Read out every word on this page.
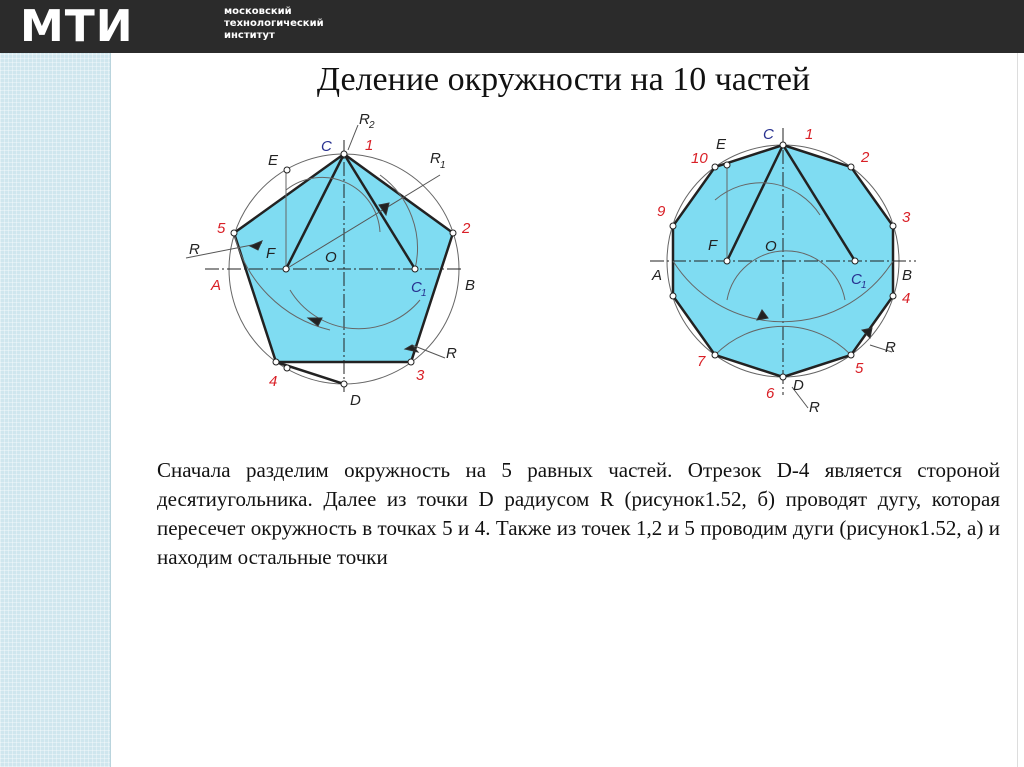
МТИ	московский
технологический
институт
Деление окружности на 10 частей
C
R 2
1
E	R 1
5	2
R	F	O
A	C 1	B
R
4	3
D
E
C 1
10	2
9	3
F	O
A	C 1
B
4
R
7	5
D
6
R
Сначала разделим окружность на 5 равных частей. Отрезок D-4 является стороной десятиугольника. Далее из точки D радиусом R (рисунок1.52, б) проводят дугу, которая пересечет окружность в точках 5 и 4. Также из точек 1,2 и 5 проводим дуги (рисунок1.52, а) и находим остальные точки
